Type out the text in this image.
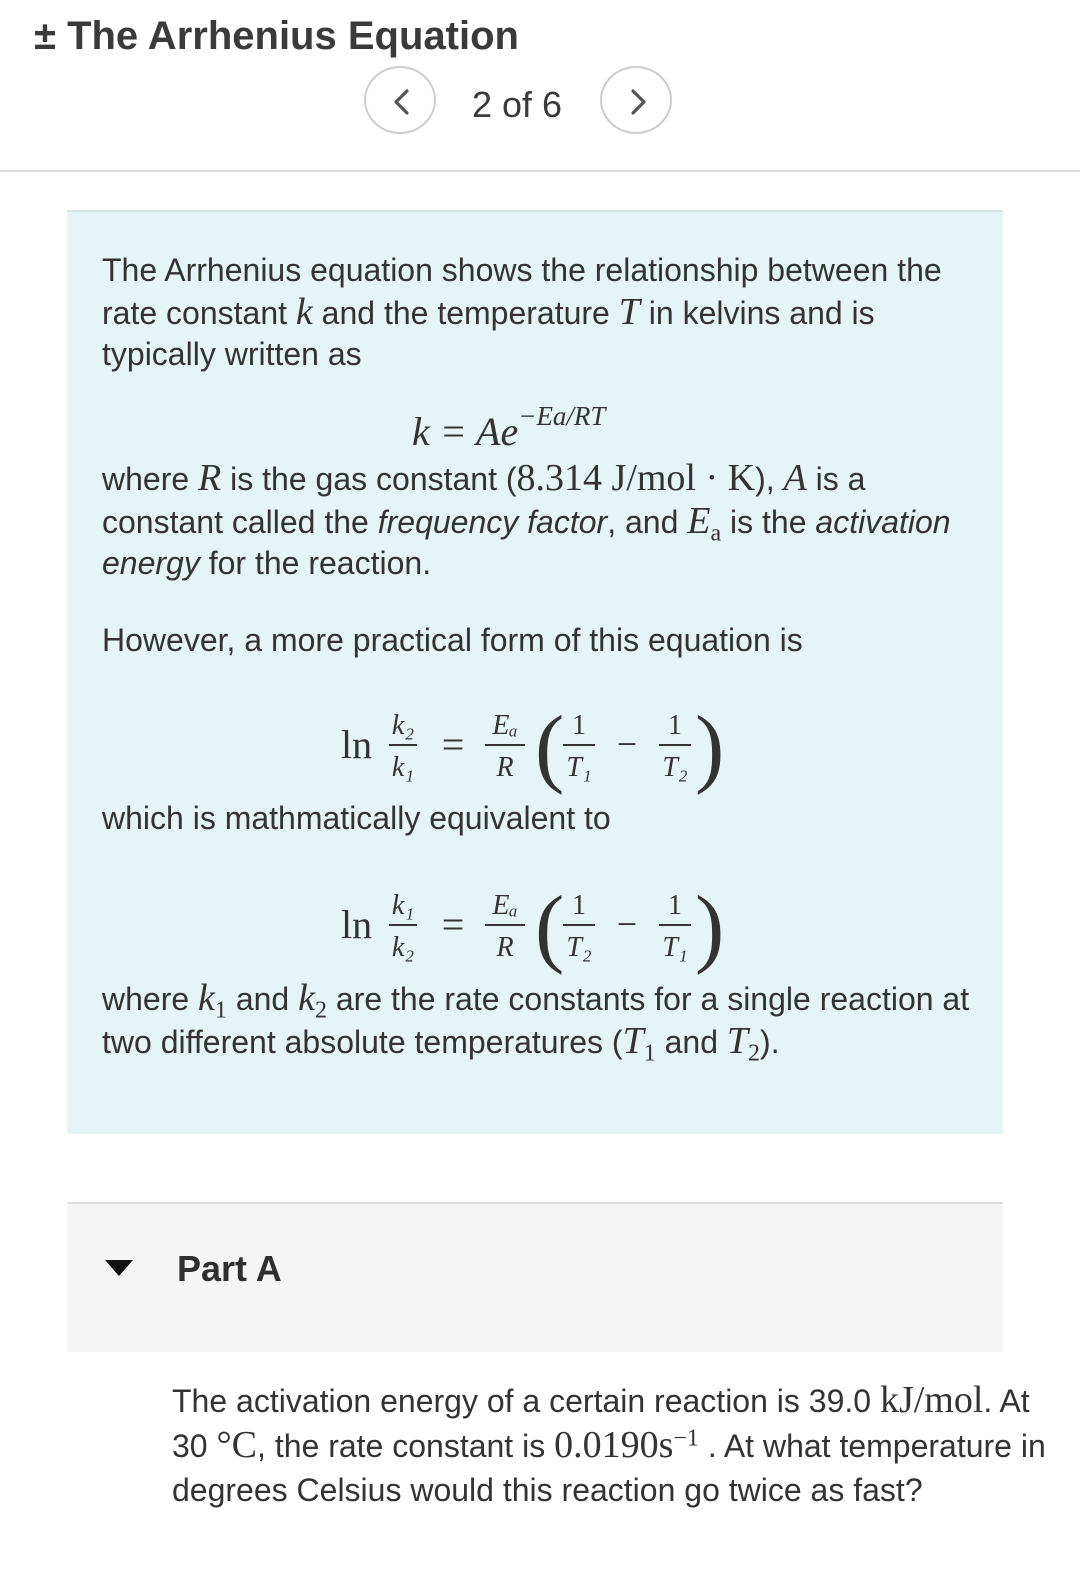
± The Arrhenius Equation
2 of 6
The Arrhenius equation shows the relationship between the rate constant k and the temperature T in kelvins and is typically written as
$k = Ae^{-Ea/RT}$
where R is the gas constant (8.314 J/mol · K), A is a constant called the frequency factor, and $E_a$ is the activation energy for the reaction.
However, a more practical form of this equation is
ln k₂
k₁
= Eₐ
R ( 1
T₁
− 1
T₂ )
which is mathmatically equivalent to
ln k₁
k₂
= Eₐ
R ( 1
T₂
− 1
T₁ )
where $k_1$ and $k_2$ are the rate constants for a single reaction at two different absolute temperatures ($T_1$ and $T_2$).
Part A
The activation energy of a certain reaction is 39.0 kJ/mol. At 30 °C, the rate constant is $0.0190s^{-1}$ . At what temperature in degrees Celsius would this reaction go twice as fast?
